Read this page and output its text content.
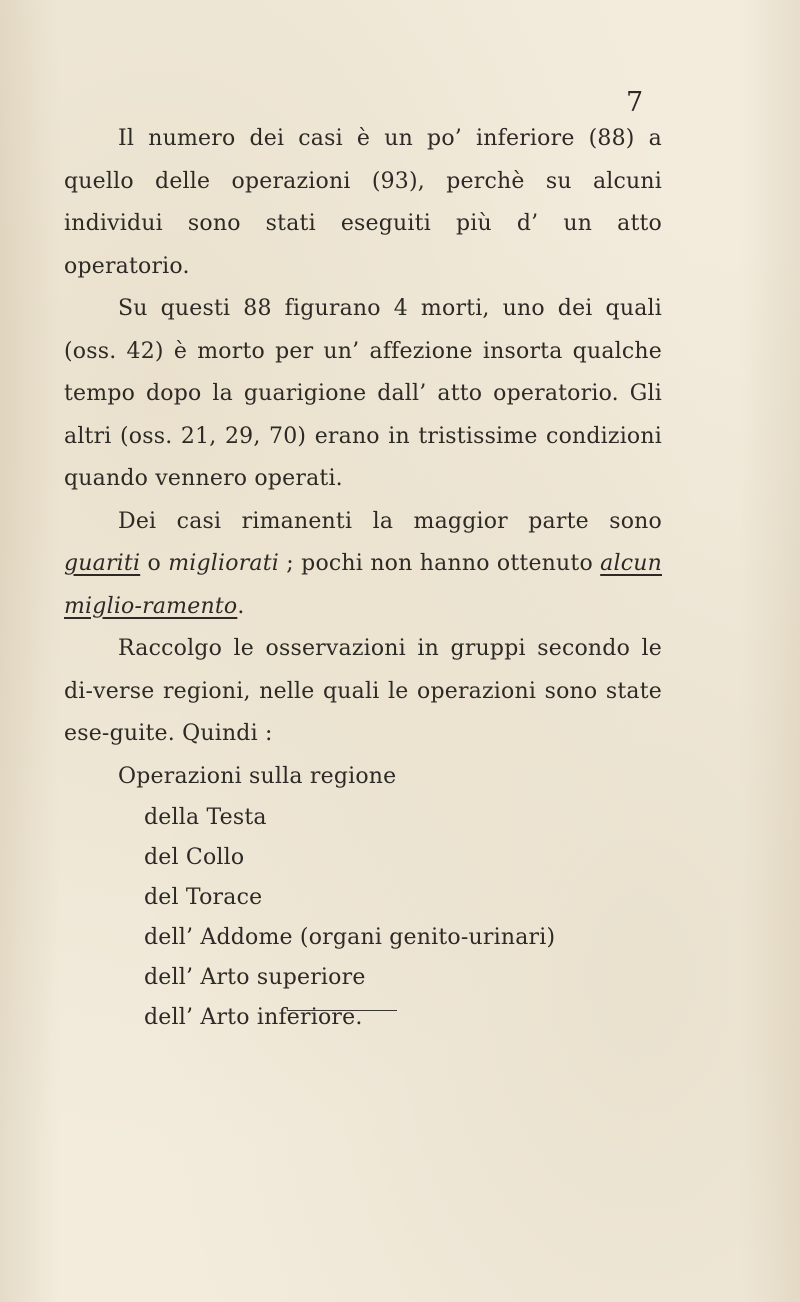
7

Il numero dei casi è un po’ inferiore (88) a quello delle operazioni (93), perchè su alcuni individui sono stati eseguiti più d’ un atto operatorio.

Su questi 88 figurano 4 morti, uno dei quali (oss. 42) è morto per un’ affezione insorta qualche tempo dopo la guarigione dall’ atto operatorio. Gli altri (oss. 21, 29, 70) erano in tristissime condizioni quando vennero operati.

Dei casi rimanenti la maggior parte sono guariti o migliorati ; pochi non hanno ottenuto alcun miglio-ramento.

Raccolgo le osservazioni in gruppi secondo le di-verse regioni, nelle quali le operazioni sono state ese-guite. Quindi :

Operazioni sulla regione

della Testa
del Collo
del Torace
dell’ Addome (organi genito-urinari)
dell’ Arto superiore
dell’ Arto inferiore.
